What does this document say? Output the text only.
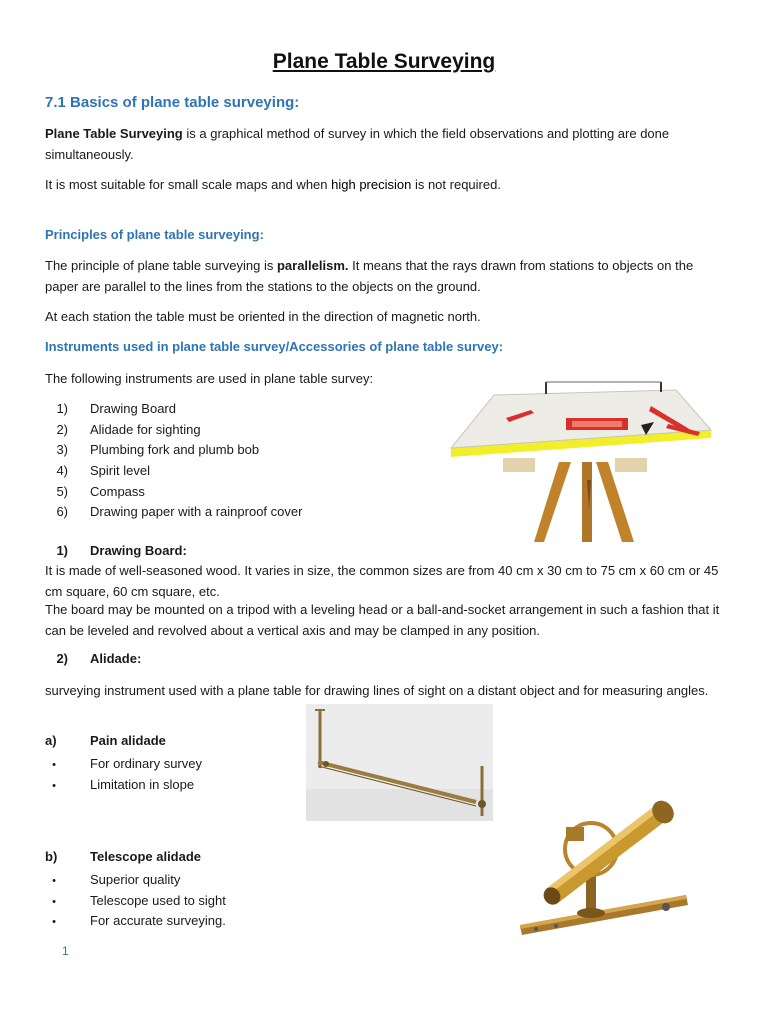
Plane Table Surveying
7.1 Basics of plane table surveying:
Plane Table Surveying is a graphical method of survey in which the field observations and plotting are done simultaneously.
It is most suitable for small scale maps and when high precision is not required.
Principles of plane table surveying:
The principle of plane table surveying is parallelism. It means that the rays drawn from stations to objects on the paper are parallel to the lines from the stations to the objects on the ground.
At each station the table must be oriented in the direction of magnetic north.
Instruments used in plane table survey/Accessories of plane table survey:
The following instruments are used in plane table survey:
1) Drawing Board
2) Alidade for sighting
3) Plumbing fork and plumb bob
4) Spirit level
5) Compass
6) Drawing paper with a rainproof cover
1) Drawing Board:
It is made of well-seasoned wood. It varies in size, the common sizes are from 40 cm x 30 cm to 75 cm x 60 cm or 45 cm square, 60 cm square, etc.
The board may be mounted on a tripod with a leveling head or a ball-and-socket arrangement in such a fashion that it can be leveled and revolved about a vertical axis and may be clamped in any position.
2) Alidade:
surveying instrument used with a plane table for drawing lines of sight on a distant object and for measuring angles.
a)	Pain alidade
•	For ordinary survey
•	Limitation in slope
b)	Telescope alidade
•	Superior quality
•	Telescope used to sight
•	For accurate surveying.
1
